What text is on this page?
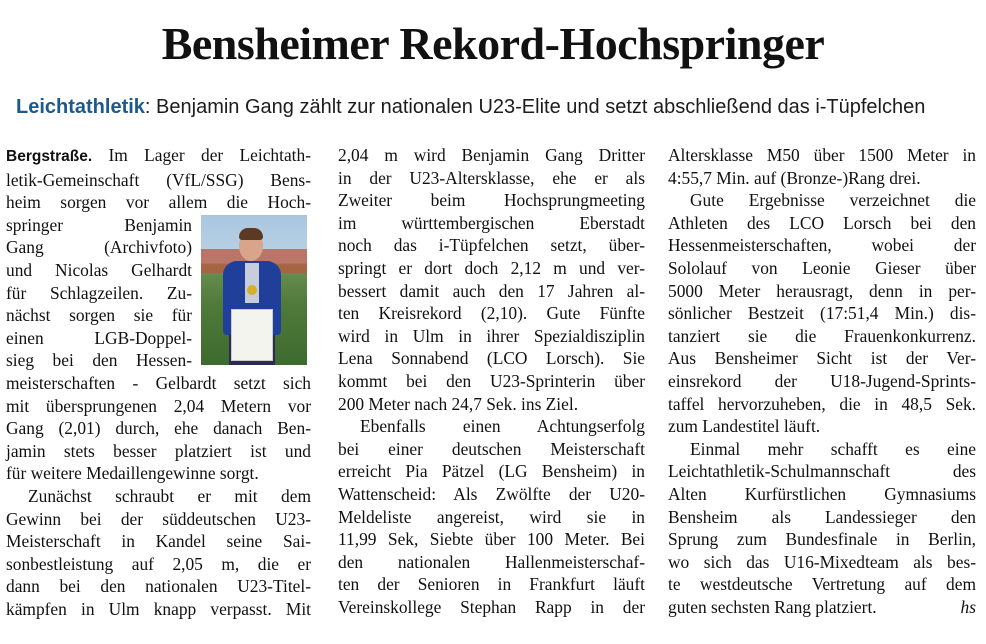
Bensheimer Rekord-Hochspringer
Leichtathletik: Benjamin Gang zählt zur nationalen U23-Elite und setzt abschließend das i-Tüpfelchen
Bergstraße. Im Lager der Leichtath-
letik-Gemeinschaft (VfL/SSG) Bens-
heim sorgen vor allem die Hoch-
springer Benjamin
Gang (Archivfoto)
und Nicolas Gelhardt
für Schlagzeilen. Zu-
nächst sorgen sie für
einen LGB-Doppel-
sieg bei den Hessen-
meisterschaften - Gelbardt setzt sich
mit übersprungenen 2,04 Metern vor
Gang (2,01) durch, ehe danach Ben-
jamin stets besser platziert ist und
für weitere Medaillengewinne sorgt.
Zunächst schraubt er mit dem
Gewinn bei der süddeutschen U23-
Meisterschaft in Kandel seine Sai-
sonbestleistung auf 2,05 m, die er
dann bei den nationalen U23-Titel-
kämpfen in Ulm knapp verpasst. Mit
2,04 m wird Benjamin Gang Dritter
in der U23-Altersklasse, ehe er als
Zweiter beim Hochsprungmeeting
im württembergischen Eberstadt
noch das i-Tüpfelchen setzt, über-
springt er dort doch 2,12 m und ver-
bessert damit auch den 17 Jahren al-
ten Kreisrekord (2,10). Gute Fünfte
wird in Ulm in ihrer Spezialdisziplin
Lena Sonnabend (LCO Lorsch). Sie
kommt bei den U23-Sprinterin über
200 Meter nach 24,7 Sek. ins Ziel.
Ebenfalls einen Achtungserfolg
bei einer deutschen Meisterschaft
erreicht Pia Pätzel (LG Bensheim) in
Wattenscheid: Als Zwölfte der U20-
Meldeliste angereist, wird sie in
11,99 Sek, Siebte über 100 Meter. Bei
den nationalen Hallenmeisterschaf-
ten der Senioren in Frankfurt läuft
Vereinskollege Stephan Rapp in der
Altersklasse M50 über 1500 Meter in
4:55,7 Min. auf (Bronze-)Rang drei.
Gute Ergebnisse verzeichnet die
Athleten des LCO Lorsch bei den
Hessenmeisterschaften, wobei der
Sololauf von Leonie Gieser über
5000 Meter herausragt, denn in per-
sönlicher Bestzeit (17:51,4 Min.) dis-
tanziert sie die Frauenkonkurrenz.
Aus Bensheimer Sicht ist der Ver-
einsrekord der U18-Jugend-Sprints-
taffel hervorzuheben, die in 48,5 Sek.
zum Landestitel läuft.
Einmal mehr schafft es eine
Leichtathletik-Schulmannschaft des
Alten Kurfürstlichen Gymnasiums
Bensheim als Landessieger den
Sprung zum Bundesfinale in Berlin,
wo sich das U16-Mixedteam als bes-
te westdeutsche Vertretung auf dem
guten sechsten Rang platziert.	hs
